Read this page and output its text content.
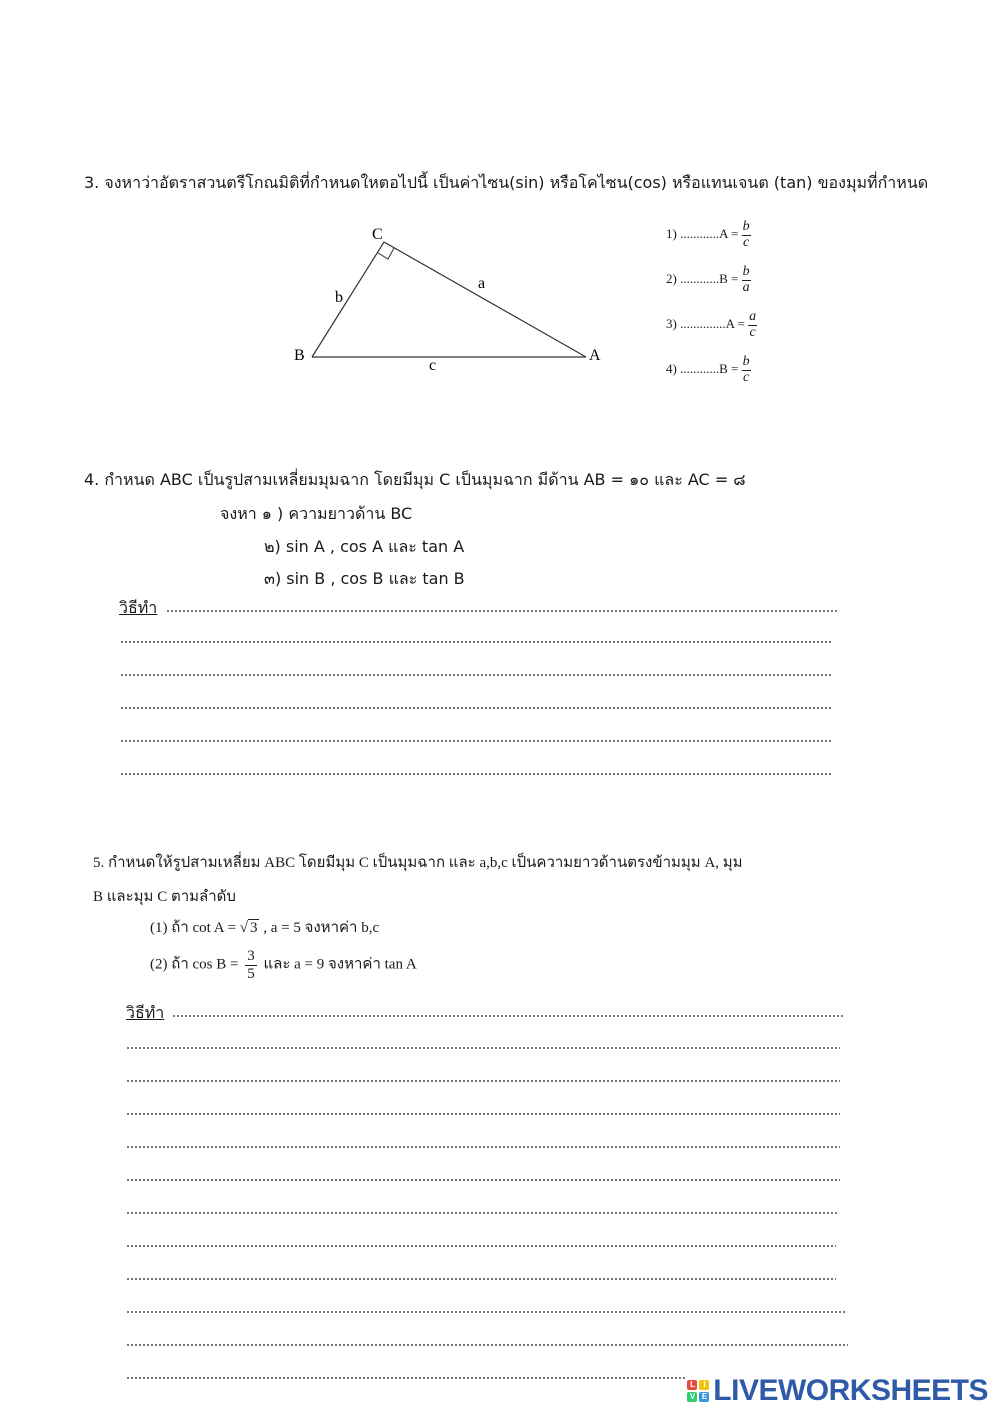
3. จงหาว่าอัตราสวนตรีโกณมิติที่กำหนดใหตอไปนี้ เป็นค่าไซน(sin) หรือโคไซน(cos) หรือแทนเจนต (tan) ของมุมที่กำหนด
C
B	A
b
a
c
1) $............A = \frac{b}{c}$
2) $............B = \frac{b}{a}$
3) $..............A = \frac{a}{c}$
4) $............B = \frac{b}{c}$
4. กำหนด ABC เป็นรูปสามเหลี่ยมมุมฉาก โดยมีมุม C เป็นมุมฉาก มีด้าน AB = ๑๐ และ AC = ๘
จงหา ๑ ) ความยาวด้าน BC
๒) sin A , cos A และ tan A
๓) sin B , cos B และ tan B
วิธีทำ
5. กำหนดให้รูปสามเหลี่ยม ABC โดยมีมุม C เป็นมุมฉาก และ a,b,c เป็นความยาวด้านตรงข้ามมุม A, มุม
B และมุม C ตามลำดับ
(1) ถ้า cot A = √ 3 , a = 5 จงหาค่า b,c
(2) ถ้า $\cos B = \frac{3}{5}$ และ a = 9 จงหาค่า tan A
วิธีทำ
L	I
V E LIVEWORKSHEETS
